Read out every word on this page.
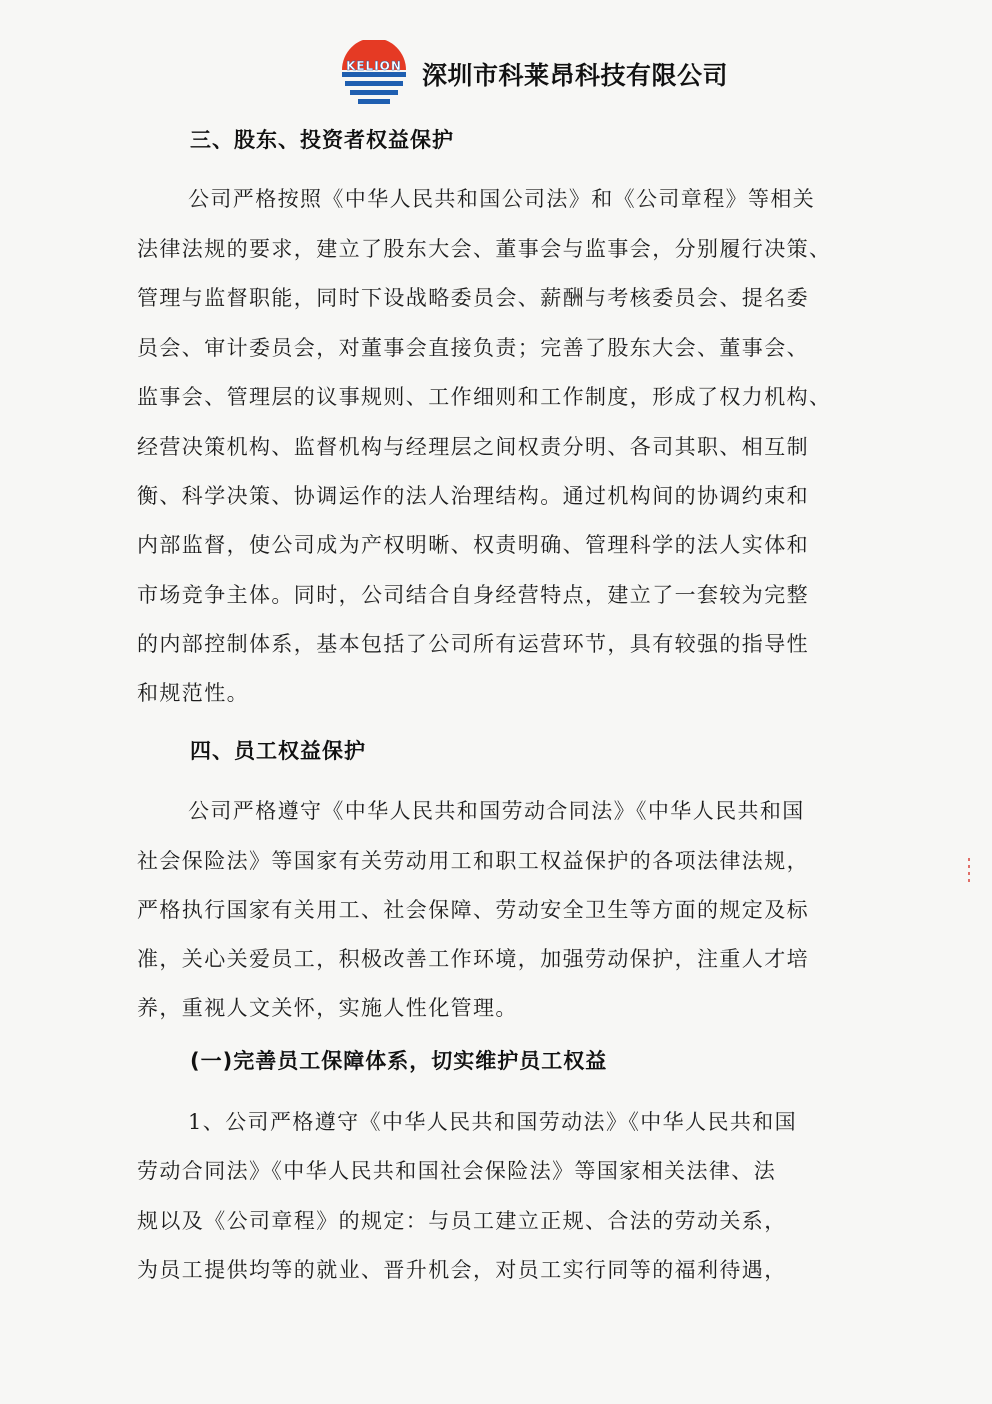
KELION 深圳市科莱昂科技有限公司
三、股东、投资者权益保护
公司严格按照《中华人民共和国公司法》和《公司章程》等相关
法律法规的要求，建立了股东大会、董事会与监事会，分别履行决策、
管理与监督职能，同时下设战略委员会、薪酬与考核委员会、提名委
员会、审计委员会，对董事会直接负责；完善了股东大会、董事会、
监事会、管理层的议事规则、工作细则和工作制度，形成了权力机构、
经营决策机构、监督机构与经理层之间权责分明、各司其职、相互制
衡、科学决策、协调运作的法人治理结构。通过机构间的协调约束和
内部监督，使公司成为产权明晰、权责明确、管理科学的法人实体和
市场竞争主体。同时，公司结合自身经营特点，建立了一套较为完整
的内部控制体系，基本包括了公司所有运营环节，具有较强的指导性
和规范性。
四、员工权益保护
公司严格遵守《中华人民共和国劳动合同法》《中华人民共和国
社会保险法》等国家有关劳动用工和职工权益保护的各项法律法规，
严格执行国家有关用工、社会保障、劳动安全卫生等方面的规定及标
准，关心关爱员工，积极改善工作环境，加强劳动保护，注重人才培
养，重视人文关怀，实施人性化管理。
(一)完善员工保障体系，切实维护员工权益
1、公司严格遵守《中华人民共和国劳动法》《中华人民共和国
劳动合同法》《中华人民共和国社会保险法》等国家相关法律、法
规以及《公司章程》的规定：与员工建立正规、合法的劳动关系，
为员工提供均等的就业、晋升机会，对员工实行同等的福利待遇，
